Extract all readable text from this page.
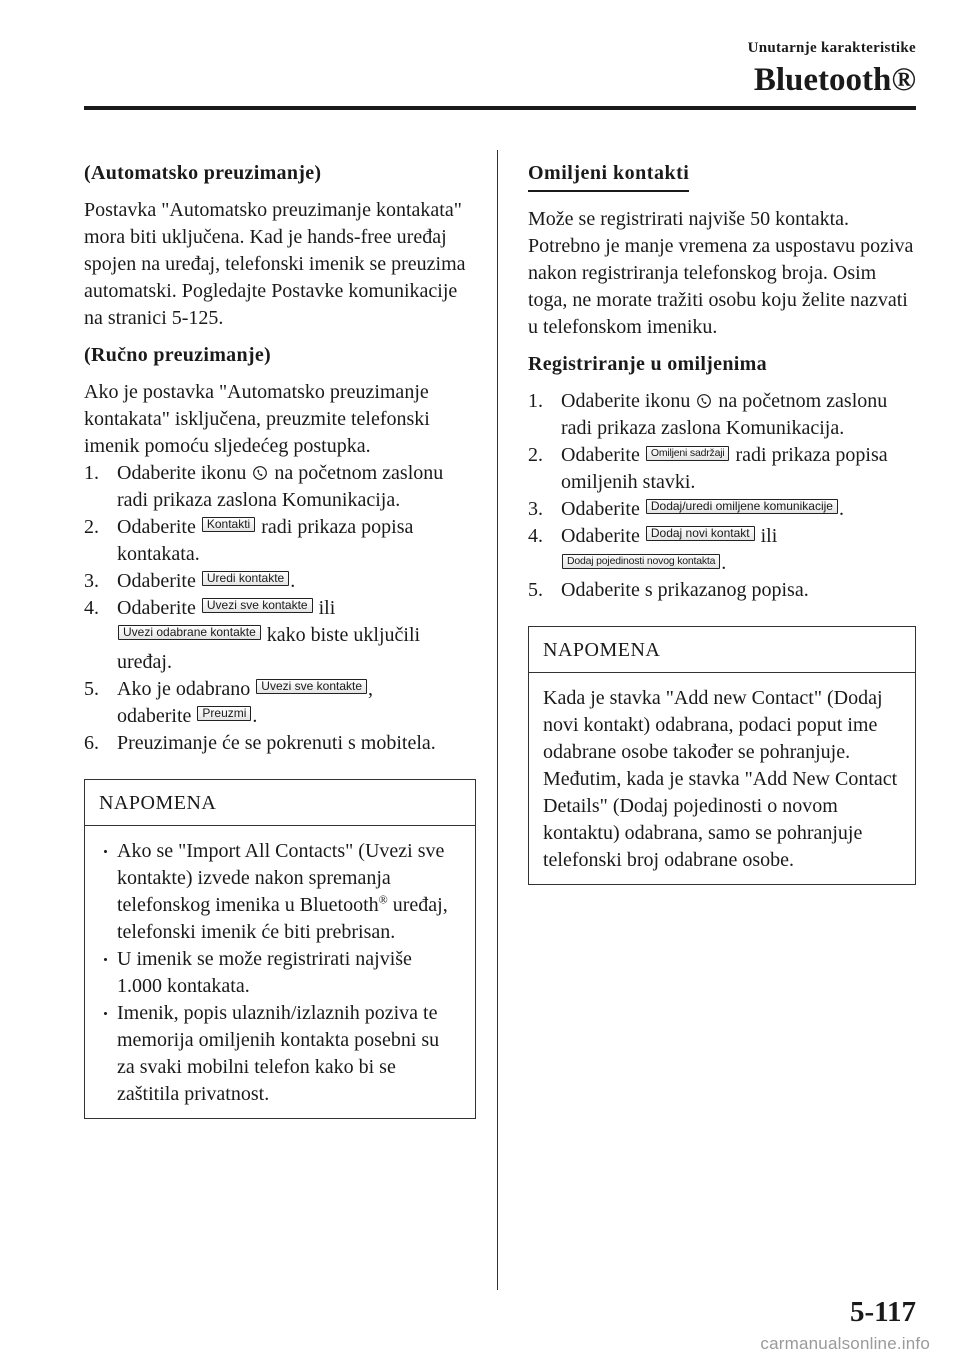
Unutarnje karakteristike
Bluetooth®
(Automatsko preuzimanje)

Postavka "Automatsko preuzimanje kontakata" mora biti uključena. Kad je hands-free uređaj spojen na uređaj, telefonski imenik se preuzima automatski. Pogledajte Postavke komunikacije na stranici 5-125.

(Ručno preuzimanje)

Ako je postavka "Automatsko preuzimanje kontakata" isključena, preuzmite telefonski imenik pomoću sljedećeg postupka.

1. Odaberite ikonu na početnom zaslonu radi prikaza zaslona Komunikacija.
2. Odaberite Kontakti radi prikaza popisa kontakata.
3. Odaberite Uredi kontakte .
4. Odaberite Uvezi sve kontakte ili Uvezi odabrane kontakte kako biste uključili uređaj.
5. Ako je odabrano Uvezi sve kontakte ,
odaberite Preuzmi .
6. Preuzimanje će se pokrenuti s mobitela.
NAPOMENA
Ako se "Import All Contacts" (Uvezi sve kontakte) izvede nakon spremanja telefonskog imenika u Bluetooth® uređaj, telefonski imenik će biti prebrisan.
U imenik se može registrirati najviše 1.000 kontakata.
Imenik, popis ulaznih/izlaznih poziva te memorija omiljenih kontakta posebni su za svaki mobilni telefon kako bi se zaštitila privatnost.
Omiljeni kontakti

Može se registrirati najviše 50 kontakta. Potrebno je manje vremena za uspostavu poziva nakon registriranja telefonskog broja. Osim toga, ne morate tražiti osobu koju želite nazvati u telefonskom imeniku.

Registriranje u omiljenima
1. Odaberite ikonu na početnom zaslonu radi prikaza zaslona Komunikacija.
2. Odaberite Omiljeni sadržaji radi prikaza popisa omiljenih stavki.
3. Odaberite Dodaj/uredi omiljene komunikacije .
4. Odaberite Dodaj novi kontakt ili
Dodaj pojedinosti novog kontakta .
5. Odaberite s prikazanog popisa.
NAPOMENA
Kada je stavka "Add new Contact" (Dodaj novi kontakt) odabrana, podaci poput ime odabrane osobe također se pohranjuje. Međutim, kada je stavka "Add New Contact Details" (Dodaj pojedinosti o novom kontaktu) odabrana, samo se pohranjuje telefonski broj odabrane osobe.
5-117
carmanualsonline.info
